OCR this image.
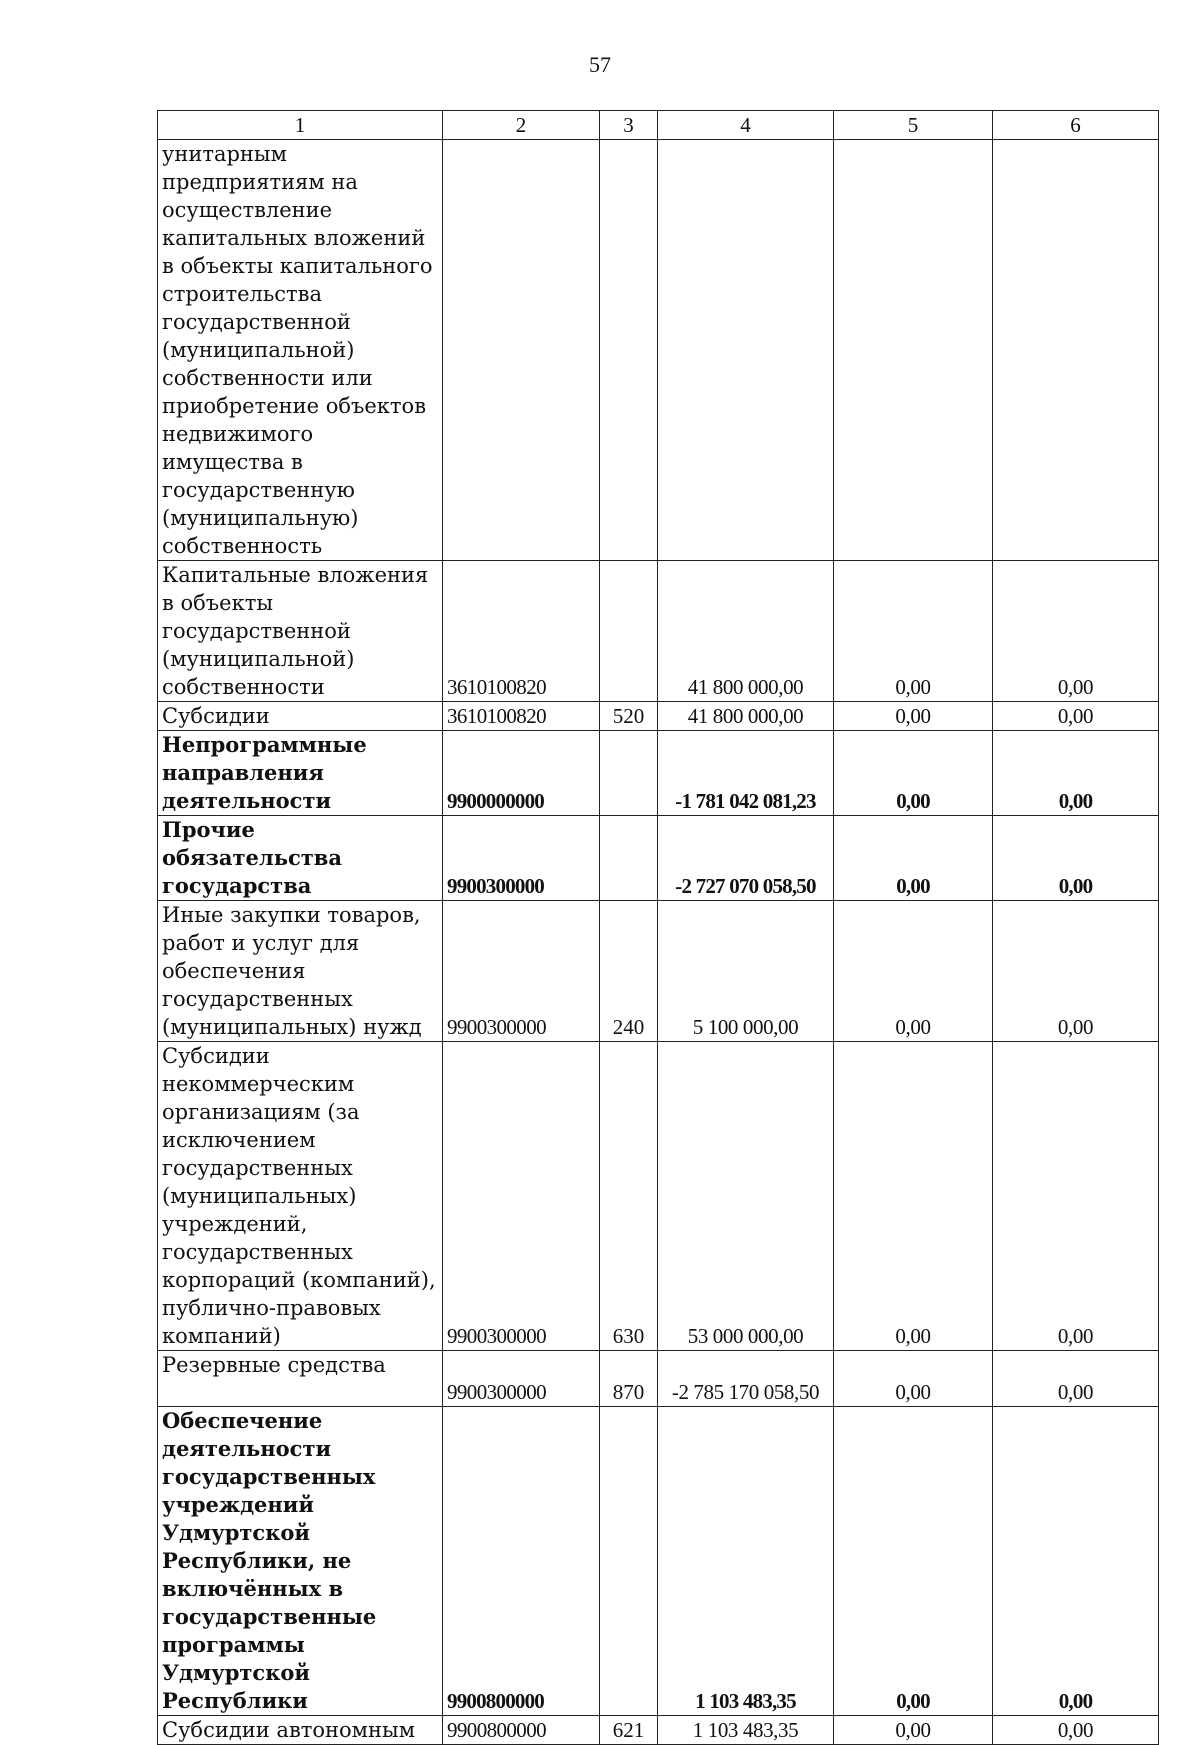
57
1	2	3	4	5	6
унитарным предприятиям на осуществление капитальных вложений в объекты капитального строительства государственной (муниципальной) собственности или приобретение объектов недвижимого имущества в государственную (муниципальную) собственность					
Капитальные вложения в объекты государственной (муниципальной) собственности	3610100820		41 800 000,00	0,00	0,00
Субсидии	3610100820	520	41 800 000,00	0,00	0,00
Непрограммные направления деятельности	9900000000		-1 781 042 081,23	0,00	0,00
Прочие обязательства государства	9900300000		-2 727 070 058,50	0,00	0,00
Иные закупки товаров, работ и услуг для обеспечения государственных (муниципальных) нужд	9900300000	240	5 100 000,00	0,00	0,00
Субсидии некоммерческим организациям (за исключением государственных (муниципальных) учреждений, государственных корпораций (компаний), публично-правовых компаний)	9900300000	630	53 000 000,00	0,00	0,00
Резервные средства	9900300000	870	-2 785 170 058,50	0,00	0,00
Обеспечение деятельности государственных учреждений Удмуртской Республики, не включённых в государственные программы Удмуртской Республики	9900800000		1 103 483,35	0,00	0,00
Субсидии автономным	9900800000	621	1 103 483,35	0,00	0,00
